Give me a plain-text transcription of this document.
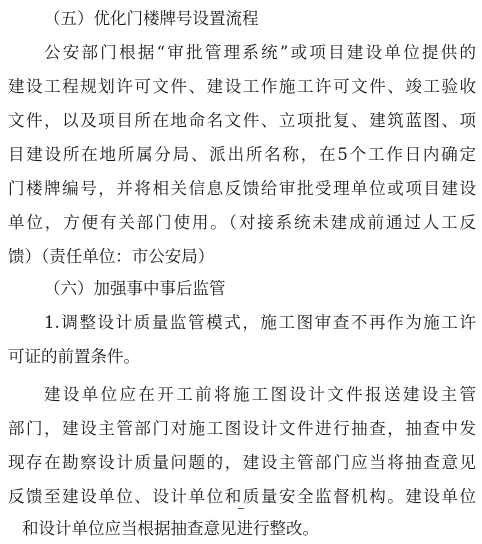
（五）优化门楼牌号设置流程
公安部门根据“审批管理系统”或项目建设单位提供的
建设工程规划许可文件、建设工作施工许可文件、竣工验收
文件，以及项目所在地命名文件、立项批复、建筑蓝图、项
目建设所在地所属分局、派出所名称，在5个工作日内确定
门楼牌编号，并将相关信息反馈给审批受理单位或项目建设
单位，方便有关部门使用。（对接系统未建成前通过人工反
馈）（责任单位：市公安局）
（六）加强事中事后监管
1.调整设计质量监管模式，施工图审查不再作为施工许
可证的前置条件。
建设单位应在开工前将施工图设计文件报送建设主管
部门，建设主管部门对施工图设计文件进行抽查，抽查中发
现存在勘察设计质量问题的，建设主管部门应当将抽查意见
反馈至建设单位、设计单位和质量安全监督机构。建设单位
和设计单位应当根据抽查意见进行整改。
